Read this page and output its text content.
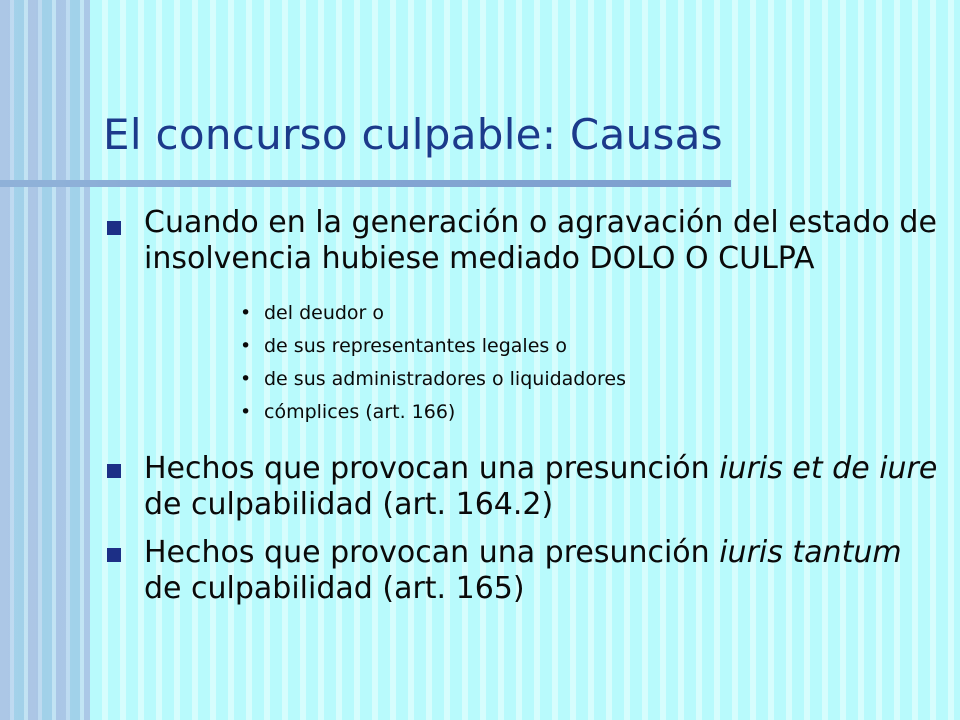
El concurso culpable: Causas
Cuando en la generación o agravación del estado de insolvencia hubiese mediado DOLO O CULPA
• del deudor o
• de sus representantes legales o
• de sus administradores o liquidadores
• cómplices (art. 166)
Hechos que provocan una presunción iuris et de iure de culpabilidad (art. 164.2)
Hechos que provocan una presunción iuris tantum de culpabilidad (art. 165)
